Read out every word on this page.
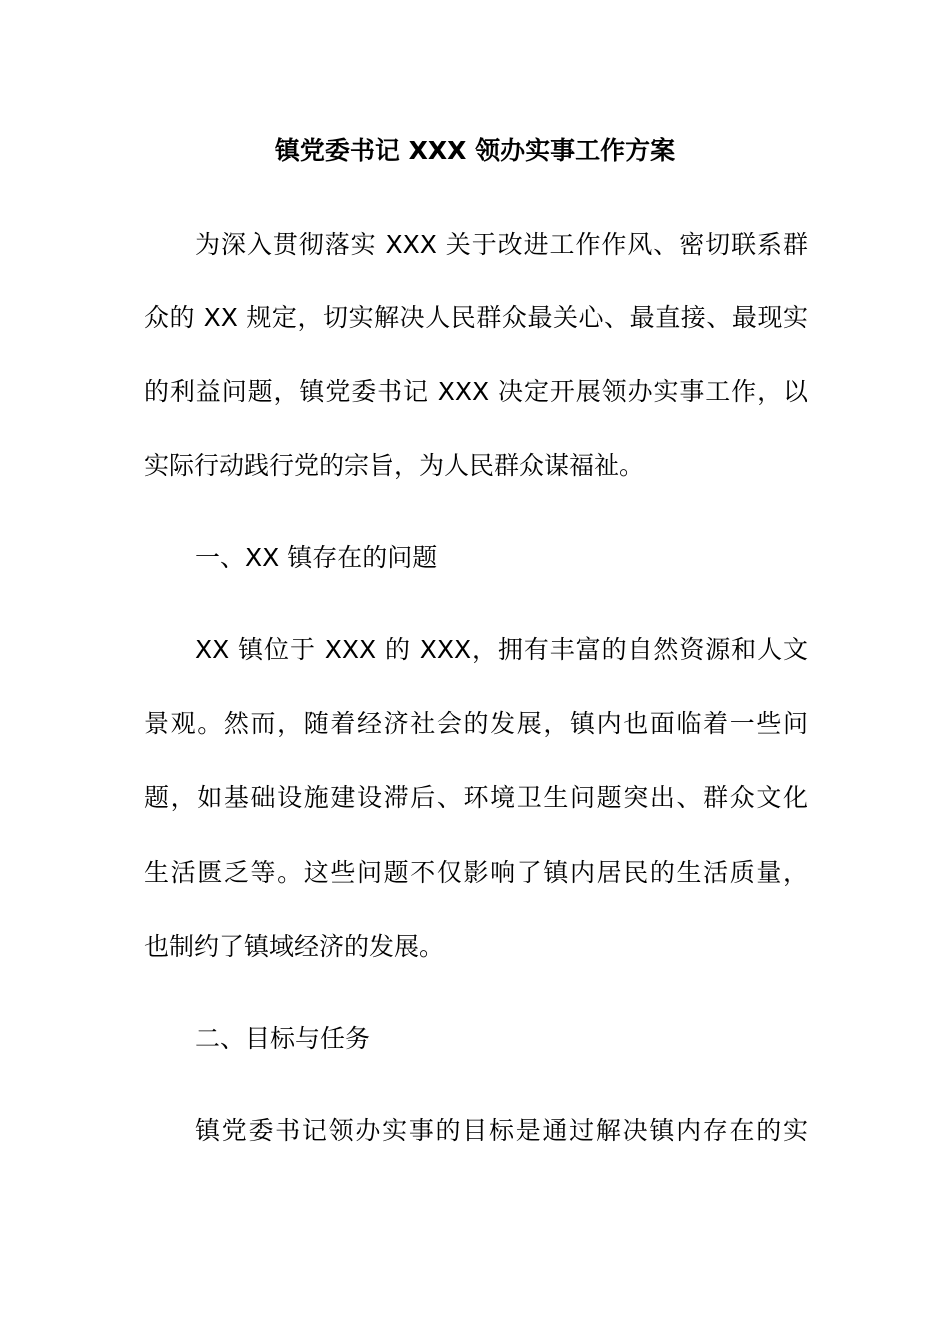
镇党委书记 XXX 领办实事工作方案
为深入贯彻落实 XXX 关于改进工作作风、密切联系群
众的 XX 规定，切实解决人民群众最关心、最直接、最现实
的利益问题，镇党委书记 XXX 决定开展领办实事工作，以
实际行动践行党的宗旨，为人民群众谋福祉。
一、XX 镇存在的问题
XX 镇位于 XXX 的 XXX，拥有丰富的自然资源和人文
景观。然而，随着经济社会的发展，镇内也面临着一些问
题，如基础设施建设滞后、环境卫生问题突出、群众文化
生活匮乏等。这些问题不仅影响了镇内居民的生活质量，
也制约了镇域经济的发展。
二、目标与任务
镇党委书记领办实事的目标是通过解决镇内存在的实
